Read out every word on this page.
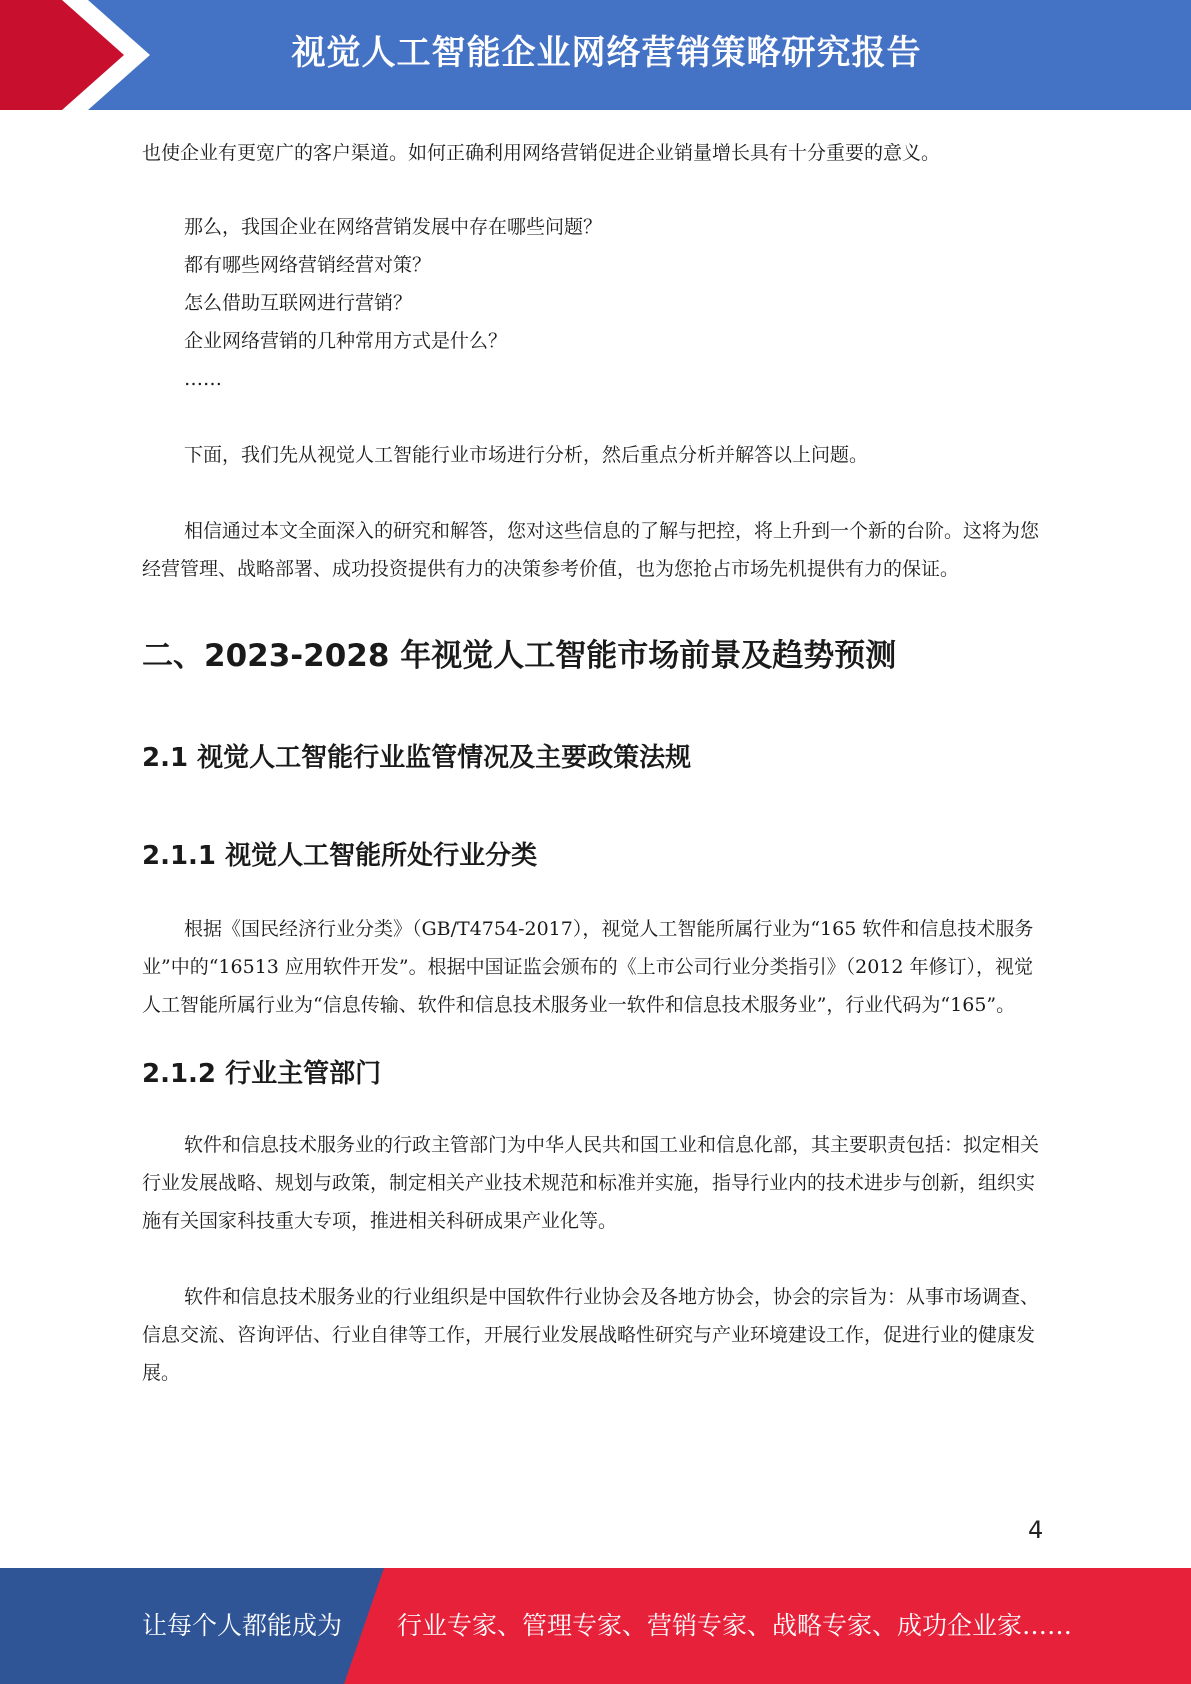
视觉人工智能企业网络营销策略研究报告

也使企业有更宽广的客户渠道。如何正确利用网络营销促进企业销量增长具有十分重要的意义。

那么，我国企业在网络营销发展中存在哪些问题？

都有哪些网络营销经营对策？

怎么借助互联网进行营销？

企业网络营销的几种常用方式是什么？

……

下面，我们先从视觉人工智能行业市场进行分析，然后重点分析并解答以上问题。

相信通过本文全面深入的研究和解答，您对这些信息的了解与把控，将上升到一个新的台阶。这将为您经营管理、战略部署、成功投资提供有力的决策参考价值，也为您抢占市场先机提供有力的保证。

二、2023-2028 年视觉人工智能市场前景及趋势预测
2.1 视觉人工智能行业监管情况及主要政策法规
2.1.1 视觉人工智能所处行业分类

根据《国民经济行业分类》（GB/T4754-2017），视觉人工智能所属行业为“165 软件和信息技术服务业”中的“16513 应用软件开发”。根据中国证监会颁布的《上市公司行业分类指引》（2012 年修订），视觉人工智能所属行业为“信息传输、软件和信息技术服务业一软件和信息技术服务业”，行业代码为“165”。

2.1.2 行业主管部门

软件和信息技术服务业的行政主管部门为中华人民共和国工业和信息化部，其主要职责包括：拟定相关行业发展战略、规划与政策，制定相关产业技术规范和标准并实施，指导行业内的技术进步与创新，组织实施有关国家科技重大专项，推进相关科研成果产业化等。

软件和信息技术服务业的行业组织是中国软件行业协会及各地方协会，协会的宗旨为：从事市场调查、信息交流、咨询评估、行业自律等工作，开展行业发展战略性研究与产业环境建设工作，促进行业的健康发展。

4
让每个人都能成为 行业专家、管理专家、营销专家、战略专家、成功企业家……
